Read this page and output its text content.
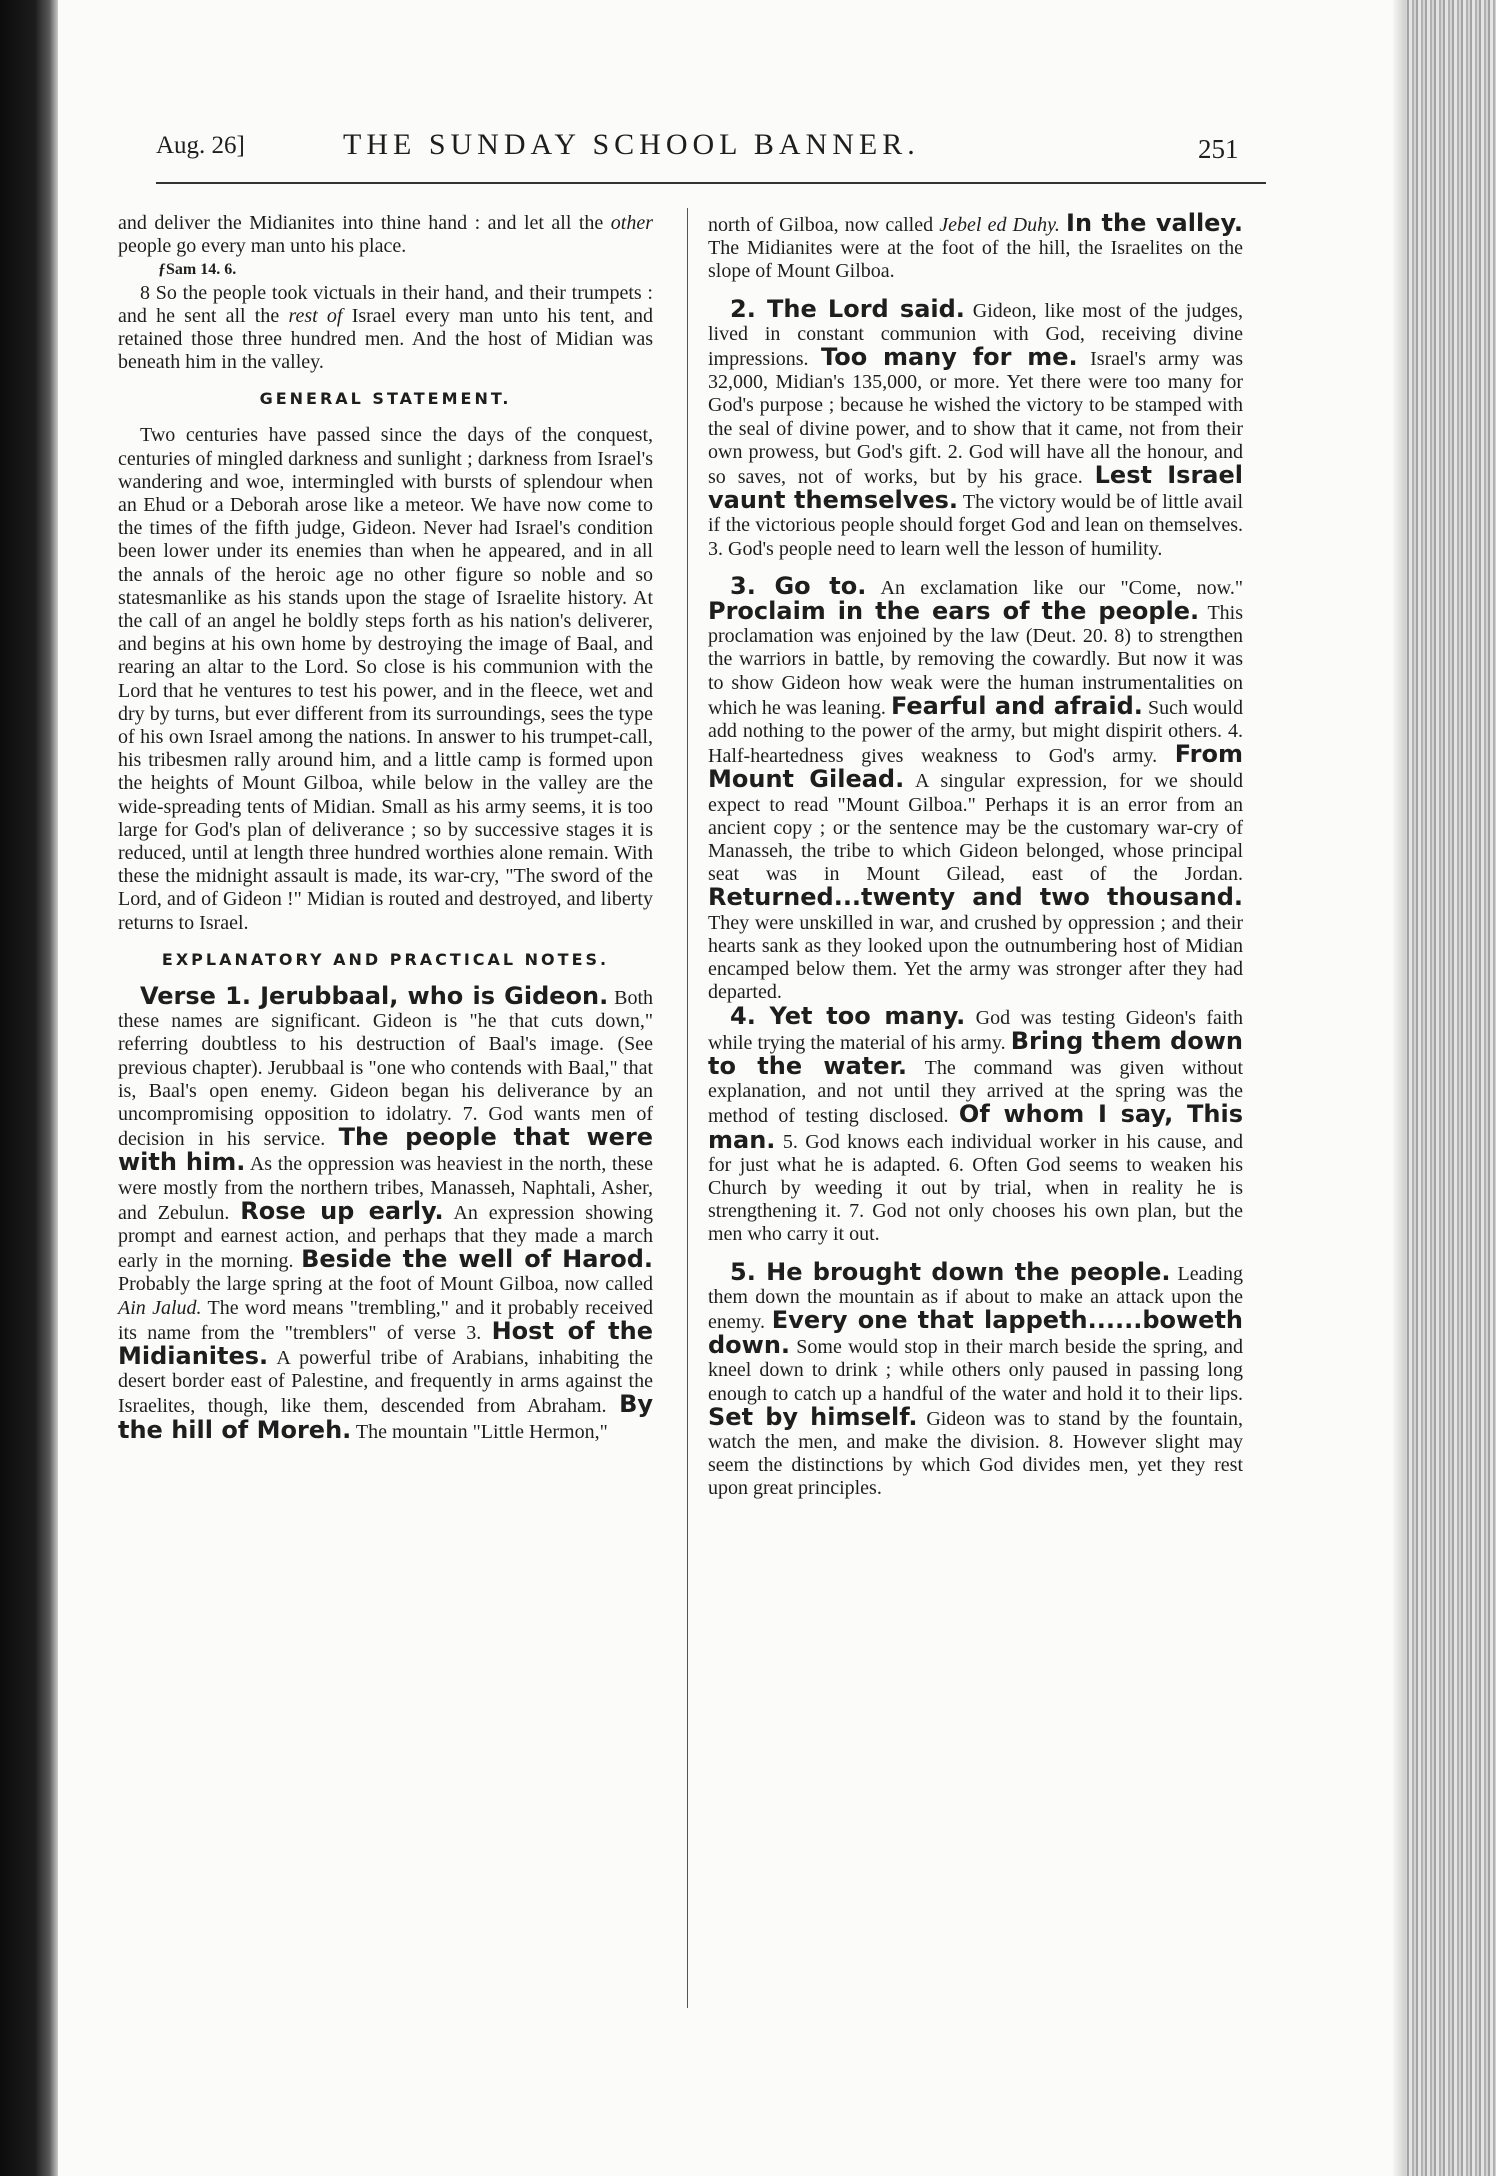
Aug. 26]	THE SUNDAY SCHOOL BANNER.	251

and deliver the Midianites into thine hand : and let all the other people go every man unto his place.

ƒSam 14. 6.

8 So the people took victuals in their hand, and their trumpets : and he sent all the rest of Israel every man unto his tent, and retained those three hundred men. And the host of Midian was beneath him in the valley.

GENERAL STATEMENT.

Two centuries have passed since the days of the conquest, centuries of mingled darkness and sunlight ; darkness from Israel's wandering and woe, intermingled with bursts of splendour when an Ehud or a Deborah arose like a meteor. We have now come to the times of the fifth judge, Gideon. Never had Israel's condition been lower under its enemies than when he appeared, and in all the annals of the heroic age no other figure so noble and so statesmanlike as his stands upon the stage of Israelite history. At the call of an angel he boldly steps forth as his nation's deliverer, and begins at his own home by destroying the image of Baal, and rearing an altar to the Lord. So close is his communion with the Lord that he ventures to test his power, and in the fleece, wet and dry by turns, but ever different from its surroundings, sees the type of his own Israel among the nations. In answer to his trumpet-call, his tribesmen rally around him, and a little camp is formed upon the heights of Mount Gilboa, while below in the valley are the wide-spreading tents of Midian. Small as his army seems, it is too large for God's plan of deliverance ; so by successive stages it is reduced, until at length three hundred worthies alone remain. With these the midnight assault is made, its war-cry, "The sword of the Lord, and of Gideon !" Midian is routed and destroyed, and liberty returns to Israel.

EXPLANATORY AND PRACTICAL NOTES.

Verse 1. Jerubbaal, who is Gideon. Both these names are significant. Gideon is "he that cuts down," referring doubtless to his destruction of Baal's image. (See previous chapter). Jerubbaal is "one who contends with Baal," that is, Baal's open enemy. Gideon began his deliverance by an uncompromising opposition to idolatry. 7. God wants men of decision in his service. The people that were with him. As the oppression was heaviest in the north, these were mostly from the northern tribes, Manasseh, Naphtali, Asher, and Zebulun. Rose up early. An expression showing prompt and earnest action, and perhaps that they made a march early in the morning. Beside the well of Harod. Probably the large spring at the foot of Mount Gilboa, now called Ain Jalud. The word means "trembling," and it probably received its name from the "tremblers" of verse 3. Host of the Midianites. A powerful tribe of Arabians, inhabiting the desert border east of Palestine, and frequently in arms against the Israelites, though, like them, descended from Abraham. By the hill of Moreh. The mountain "Little Hermon,"

north of Gilboa, now called Jebel ed Duhy. In the valley. The Midianites were at the foot of the hill, the Israelites on the slope of Mount Gilboa.

2. The Lord said. Gideon, like most of the judges, lived in constant communion with God, receiving divine impressions. Too many for me. Israel's army was 32,000, Midian's 135,000, or more. Yet there were too many for God's purpose ; because he wished the victory to be stamped with the seal of divine power, and to show that it came, not from their own prowess, but God's gift. 2. God will have all the honour, and so saves, not of works, but by his grace. Lest Israel vaunt themselves. The victory would be of little avail if the victorious people should forget God and lean on themselves. 3. God's people need to learn well the lesson of humility.

3. Go to. An exclamation like our "Come, now." Proclaim in the ears of the people. This proclamation was enjoined by the law (Deut. 20. 8) to strengthen the warriors in battle, by removing the cowardly. But now it was to show Gideon how weak were the human instrumentalities on which he was leaning. Fearful and afraid. Such would add nothing to the power of the army, but might dispirit others. 4. Half-heartedness gives weakness to God's army. From Mount Gilead. A singular expression, for we should expect to read "Mount Gilboa." Perhaps it is an error from an ancient copy ; or the sentence may be the customary war-cry of Manasseh, the tribe to which Gideon belonged, whose principal seat was in Mount Gilead, east of the Jordan. Returned...twenty and two thousand. They were unskilled in war, and crushed by oppression ; and their hearts sank as they looked upon the outnumbering host of Midian encamped below them. Yet the army was stronger after they had departed.

4. Yet too many. God was testing Gideon's faith while trying the material of his army. Bring them down to the water. The command was given without explanation, and not until they arrived at the spring was the method of testing disclosed. Of whom I say, This man. 5. God knows each individual worker in his cause, and for just what he is adapted. 6. Often God seems to weaken his Church by weeding it out by trial, when in reality he is strengthening it. 7. God not only chooses his own plan, but the men who carry it out.

5. He brought down the people. Leading them down the mountain as if about to make an attack upon the enemy. Every one that lappeth......boweth down. Some would stop in their march beside the spring, and kneel down to drink ; while others only paused in passing long enough to catch up a handful of the water and hold it to their lips. Set by himself. Gideon was to stand by the fountain, watch the men, and make the division. 8. However slight may seem the distinctions by which God divides men, yet they rest upon great principles.
